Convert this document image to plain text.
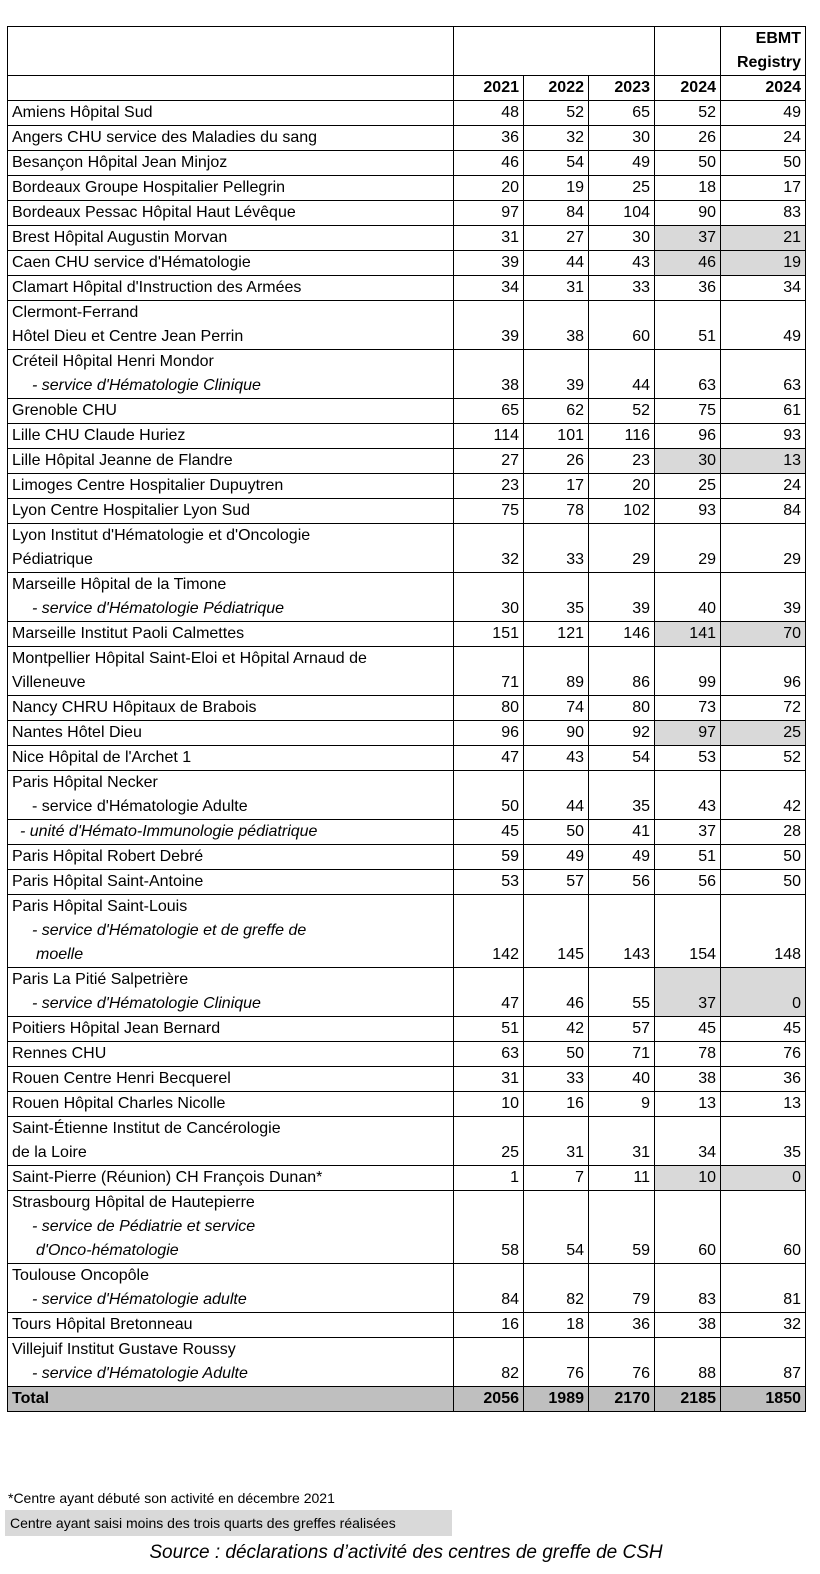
					EBMT
Registry

	2021	2022	2023	2024	2024

Amiens Hôpital Sud	48	52	65	52	49

Angers CHU service des Maladies du sang	36	32	30	26	24

Besançon Hôpital Jean Minjoz	46	54	49	50	50

Bordeaux Groupe Hospitalier Pellegrin	20	19	25	18	17

Bordeaux Pessac Hôpital Haut Lévêque	97	84	104	90	83

Brest Hôpital Augustin Morvan	31	27	30	37	21

Caen CHU service d'Hématologie	39	44	43	46	19

Clamart Hôpital d'Instruction des Armées	34	31	33	36	34

Clermont-Ferrand
Hôtel Dieu et Centre Jean Perrin	39	38	60	51	49

Créteil Hôpital Henri Mondor
- service d'Hématologie Clinique	38	39	44	63	63

Grenoble CHU	65	62	52	75	61

Lille CHU Claude Huriez	114	101	116	96	93

Lille Hôpital Jeanne de Flandre	27	26	23	30	13

Limoges Centre Hospitalier Dupuytren	23	17	20	25	24

Lyon Centre Hospitalier Lyon Sud	75	78	102	93	84

Lyon Institut d'Hématologie et d'Oncologie
Pédiatrique	32	33	29	29	29

Marseille Hôpital de la Timone
- service d'Hématologie Pédiatrique	30	35	39	40	39

Marseille Institut Paoli Calmettes	151	121	146	141	70

Montpellier Hôpital Saint-Eloi et Hôpital Arnaud de
Villeneuve	71	89	86	99	96

Nancy CHRU Hôpitaux de Brabois	80	74	80	73	72

Nantes Hôtel Dieu	96	90	92	97	25

Nice Hôpital de l'Archet 1	47	43	54	53	52

Paris Hôpital Necker
- service d'Hématologie Adulte	50	44	35	43	42

- unité d'Hémato-Immunologie pédiatrique	45	50	41	37	28

Paris Hôpital Robert Debré	59	49	49	51	50

Paris Hôpital Saint-Antoine	53	57	56	56	50

Paris Hôpital Saint-Louis
- service d'Hématologie et de greffe de
moelle	142	145	143	154	148

Paris La Pitié Salpetrière
- service d'Hématologie Clinique	47	46	55	37	0

Poitiers Hôpital Jean Bernard	51	42	57	45	45

Rennes CHU	63	50	71	78	76

Rouen Centre Henri Becquerel	31	33	40	38	36

Rouen Hôpital Charles Nicolle	10	16	9	13	13

Saint-Étienne Institut de Cancérologie
de la Loire	25	31	31	34	35

Saint-Pierre (Réunion) CH François Dunan*	1	7	11	10	0

Strasbourg Hôpital de Hautepierre
- service de Pédiatrie et service
d'Onco-hématologie	58	54	59	60	60

Toulouse Oncopôle
- service d'Hématologie adulte	84	82	79	83	81

Tours Hôpital Bretonneau	16	18	36	38	32

Villejuif Institut Gustave Roussy
- service d'Hématologie Adulte	82	76	76	88	87
Total	2056	1989	2170	2185	1850
*Centre ayant débuté son activité en décembre 2021
Centre ayant saisi moins des trois quarts des greffes réalisées
Source : déclarations d’activité des centres de greffe de CSH
